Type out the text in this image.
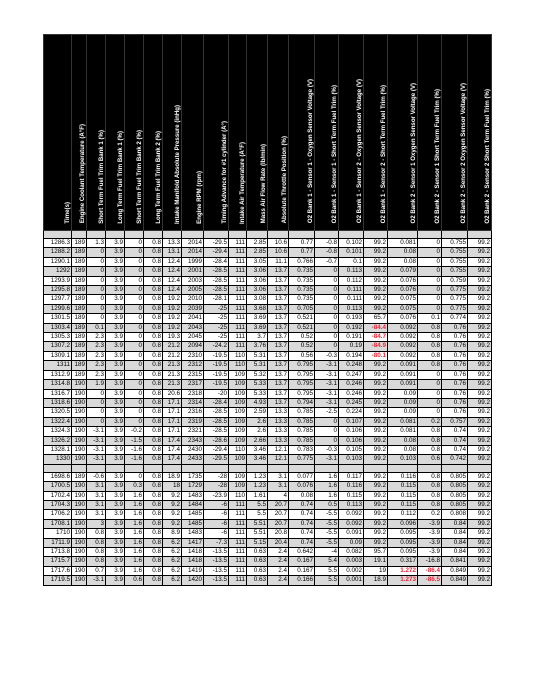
Time(s)	Engine Coolant Temperature (Â°F)	Short Term Fuel Trim Bank 1 (%)	Long Term Fuel Trim Bank 1 (%)	Short Term Fuel Trim Bank 2 (%)	Long Term Fuel Trim Bank 2 (%)	Intake Manifold Absolute Pressure (inHg)	Engine RPM (rpm)	Timing Advance for #1 cylinder (Â°)	Intake Air Temperature (Â°F)	Mass Air Flow Rate (lb/min)	Absolute Throttle Position (%)	O2 Bank 1 - Sensor 1 - Oxygen Sensor Voltage (V)	O2 Bank 1 - Sensor 1 - Short Term Fuel Trim (%)	O2 Bank 1 - Sensor 2 - Oxygen Sensor Voltage (V)	O2 Bank 1 - Sensor 2 - Short Term Fuel Trim (%)	O2 Bank 2 - Sensor 1 Oxygen Sensor Voltage (V)	O2 Bank 2 - Sensor 1 Short Term Fuel Trim (%)	O2 Bank 2 - Sensor 2 Oxygen Sensor Voltage (V)	O2 Bank 2 - Sensor 2 Short Term Fuel Trim (%)

1286.3	189	1.3	3.9	0	0.8	13.3	2014	-29.5	111	2.85	10.6	0.77	-0.8	0.102	99.2	0.081	0	0.755	99.2
1288.2	189	0	3.9	0	0.8	13.1	2014	-29.4	111	2.85	10.6	0.77	-0.8	0.101	99.2	0.08	0	0.755	99.2
1290.1	189	0	3.9	0	0.8	12.4	1999	-28.4	111	3.05	11.1	0.766	-0.7	0.1	99.2	0.08	0	0.755	99.2
1292	189	0	3.9	0	0.8	12.4	2001	-28.5	111	3.06	13.7	0.735	0	0.113	99.2	0.079	0	0.755	99.2
1293.9	189	0	3.9	0	0.8	12.4	2003	-28.5	111	3.06	13.7	0.735	0	0.112	99.2	0.076	0	0.759	99.2
1295.8	189	0	3.9	0	0.8	12.4	2005	-28.5	111	3.06	13.7	0.735	0	0.111	99.2	0.076	0	0.775	99.2
1297.7	189	0	3.9	0	0.8	19.2	2010	-28.1	111	3.08	13.7	0.735	0	0.111	99.2	0.075	0	0.775	99.2
1299.6	189	0	3.9	0	0.8	19.2	2039	-25	111	3.68	13.7	0.705	0	0.113	99.2	0.075	0	0.775	99.2
1301.5	189	0	3.9	0	0.8	19.2	2041	-25	111	3.69	13.7	0.521	0	0.193	65.7	0.076	0.1	0.774	99.2
1303.4	189	0.1	3.9	0	0.8	19.2	2043	-25	111	3.69	13.7	0.521	0	0.192	-84.4	0.092	0.8	0.76	99.2
1305.3	189	2.3	3.9	0	0.8	19.3	2045	-25	111	3.7	13.7	0.52	0	0.191	-84.7	0.092	0.8	0.76	99.2
1307.2	189	2.3	3.9	0	0.8	21.2	2094	-24.2	111	3.76	13.7	0.52	0	0.19	-84.9	0.092	0.8	0.76	99.2
1309.1	189	2.3	3.9	0	0.8	21.2	2310	-19.5	110	5.31	13.7	0.56	-0.3	0.194	-80.1	0.092	0.8	0.76	99.2
1311	189	2.3	3.9	0	0.8	21.3	2312	-19.5	110	5.31	13.7	0.795	-3.1	0.248	99.2	0.091	0.8	0.76	99.2
1312.9	189	2.3	3.9	0	0.8	21.3	2315	-19.5	109	5.32	13.7	0.795	-3.1	0.247	99.2	0.091	0	0.76	99.2
1314.8	190	1.9	3.9	0	0.8	21.3	2317	-19.5	109	5.33	13.7	0.795	-3.1	0.246	99.2	0.091	0	0.76	99.2
1316.7	190	0	3.9	0	0.8	20.6	2318	-20	109	5.33	13.7	0.795	-3.1	0.246	99.2	0.09	0	0.76	99.2
1318.6	190	0	3.9	0	0.8	17.1	2314	-28.4	109	4.93	13.7	0.794	-3.1	0.245	99.2	0.09	0	0.76	99.2
1320.5	190	0	3.9	0	0.8	17.1	2316	-28.5	109	2.59	13.3	0.785	-2.5	0.224	99.2	0.09	0	0.76	99.2
1322.4	190	0	3.9	0	0.8	17.1	2319	-28.5	109	2.6	13.3	0.785	0	0.107	99.2	0.081	0.2	0.757	99.2
1324.3	190	-3.1	3.9	-0.2	0.8	17.1	2321	-28.5	109	2.6	13.3	0.785	0	0.106	99.2	0.081	0.8	0.74	99.2
1326.2	190	-3.1	3.9	-1.5	0.8	17.4	2343	-28.6	109	2.66	13.3	0.785	0	0.106	99.2	0.08	0.8	0.74	99.2
1328.1	190	-3.1	3.9	-1.6	0.8	17.4	2430	-29.4	110	3.46	12.1	0.783	-0.3	0.105	99.2	0.08	0.8	0.74	99.2
1330	190	-3.1	3.9	-1.6	0.8	17.4	2433	-29.5	109	3.46	12.1	0.775	-3.1	0.103	99.2	0.103	0.6	0.742	99.2

1698.6	189	-0.6	3.9	0	0.8	18.9	1735	-28	109	1.23	3.1	0.077	1.6	0.117	99.2	0.116	0.8	0.805	99.2
1700.5	190	3.1	3.9	0.3	0.8	18	1729	-28	109	1.23	3.1	0.076	1.6	0.116	99.2	0.115	0.8	0.805	99.2
1702.4	190	3.1	3.9	1.6	0.8	9.2	1483	-23.9	110	1.61	4	0.08	1.6	0.115	99.2	0.115	0.8	0.805	99.2
1704.3	190	3.1	3.9	1.6	0.8	9.2	1484	-6	111	5.5	20.7	0.74	0.5	0.113	99.2	0.115	0.8	0.805	99.2
1706.2	190	3.1	3.9	1.6	0.8	9.2	1485	-6	111	5.5	20.7	0.74	-5.5	0.092	99.2	0.112	0.2	0.808	99.2
1708.1	190	3	3.9	1.6	0.8	9.2	1485	-6	111	5.51	20.7	0.74	-5.5	0.092	99.2	0.096	-3.9	0.84	99.2
1710	190	0.8	3.9	1.6	0.8	8.9	1483	-6	111	5.51	20.8	0.74	-5.5	0.091	99.2	0.095	-3.9	0.84	99.2
1711.9	190	0.8	3.9	1.6	0.8	6.2	1417	-7.3	111	5.15	20.4	0.74	-5.5	0.09	99.2	0.095	-3.9	0.84	99.2
1713.8	190	0.8	3.9	1.6	0.8	6.2	1418	-13.5	111	0.63	2.4	0.642	-4	0.082	95.7	0.095	-3.9	0.84	99.2
1715.7	190	0.8	3.9	1.6	0.8	6.2	1418	-13.5	111	0.63	2.4	0.167	5.4	0.003	19.1	0.317	-16.8	0.841	99.2
1717.6	190	0.7	3.9	1.6	0.8	6.2	1419	-13.5	111	0.63	2.4	0.167	5.5	0.002	19	1.272	-86.4	0.849	99.2
1719.5	190	-3.1	3.9	0.6	0.8	6.2	1420	-13.5	111	0.63	2.4	0.166	5.5	0.001	18.9	1.273	-86.5	0.849	99.2
